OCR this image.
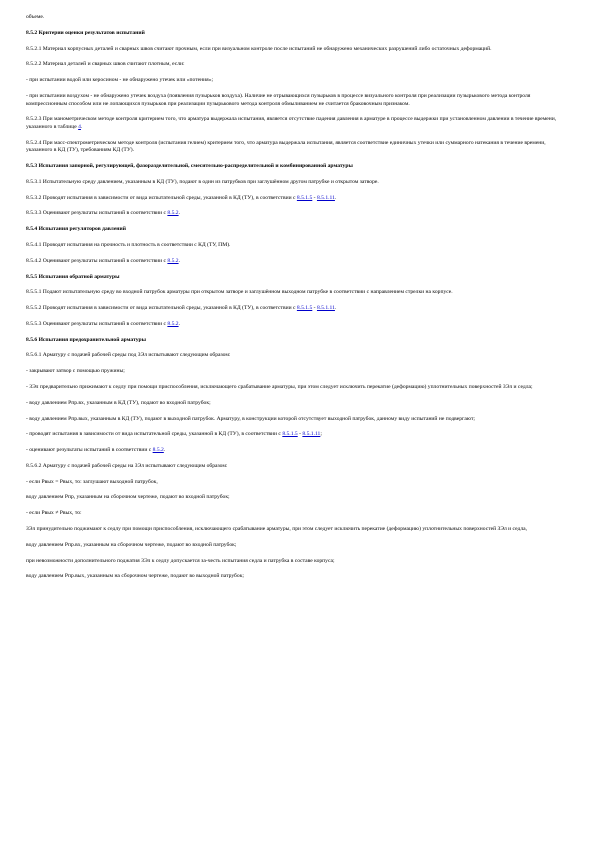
объеме.

8.5.2 Критерии оценки результатов испытаний

8.5.2.1 Материал корпусных деталей и сварных швов считают прочным, если при визуальном контроле после испытаний не обнаружено механических разрушений либо остаточных деформаций.

8.5.2.2 Материал деталей и сварных швов считают плотным, если:

- при испытании водой или керосином - не обнаружено утечек или «потения»;

- при испытании воздухом - не обнаружено утечек воздуха (появления пузырьков воздуха). Наличие не отрывающихся пузырьков в процессе визуального контроля при реализации пузырькового метода контроля компрессионным способом или не лопающихся пузырьков при реализации пузырькового метода контроля обмыливанием не считается браковочным признаком.

8.5.2.3 При манометрическом методе контроля критерием того, что арматура выдержала испытания, является отсутствие падения давления в арматуре в процессе выдержки при установленном давлении в течение времени, указанного в таблице 4.

8.5.2.4 При масс-спектрометрическом методе контроля (испытания гелием) критерием того, что арматура выдержала испытания, является соответствие единичных утечки или суммарного натекания в течение времени, указанного в КД (ТУ), требованиям КД (ТУ).

8.5.3 Испытания запорной, регулирующей, фазоразделительной, смесительно-распределительной и комбинированной арматуры

8.5.3.1 Испытательную среду давлением, указанным в КД (ТУ), подают в один из патрубков при заглушённом другом патрубке и открытом затворе.

8.5.3.2 Проводят испытания в зависимости от вида испытательной среды, указанной в КД (ТУ), в соответствии с 8.5.1.5 - 8.5.1.11.

8.5.3.3 Оценивают результаты испытаний в соответствии с 8.5.2.

8.5.4 Испытания регуляторов давлений

8.5.4.1 Проводят испытания на прочность и плотность в соответствии с КД (ТУ, ПМ).

8.5.4.2 Оценивают результаты испытаний в соответствии с 8.5.2.

8.5.5 Испытания обратной арматуры

8.5.5.1 Подают испытательную среду во входной патрубок арматуры при открытом затворе и заглушённом выходном патрубке в соответствии с направлением стрелки на корпусе.

8.5.5.2 Проводят испытания в зависимости от вида испытательной среды, указанной в КД (ТУ), в соответствии с 8.5.1.5 - 8.5.1.11.

8.5.5.3 Оценивают результаты испытаний в соответствии с 8.5.2.

8.5.6 Испытания предохранительной арматуры

8.5.6.1 Арматуру с подачей рабочей среды под ЗЭл испытывают следующим образом:

- закрывают затвор с помощью пружины;

- ЗЭл предварительно прижимают к седлу при помощи приспособления, исключающего срабатывание арматуры, при этом следует исключить перекатие (деформацию) уплотнительных поверхностей ЗЭл и седла;

- воду давлением Рпр.вх, указанным в КД (ТУ), подают во входной патрубок;

- воду давлением Рпр.вых, указанным в КД (ТУ), подают в выходной патрубок. Арматуру, в конструкции которой отсутствует выходной патрубок, данному виду испытаний не подвергают;

- проводят испытания в зависимости от вида испытательной среды, указанной в КД (ТУ), в соответствии с 8.5.1.5 - 8.5.1.11;

- оценивают результаты испытаний в соответствии с 8.5.2.

8.5.6.2 Арматуру с подачей рабочей среды на ЗЭл испытывают следующим образом:

- если Рвых = Рвых, то: заглушают выходной патрубок,

воду давлением Рпр, указанным на сборочном чертеже, подают во входной патрубок;

- если Рвых ≠ Рвых, то:

ЗЭл принудительно поджимают к седлу при помощи приспособления, исключающего срабатывание арматуры, при этом следует исключить перекатие (деформацию) уплотнительных поверхностей ЗЭл и седла,

воду давлением Рпр.вх, указанным на сборочном чертеже, подают во входной патрубок;

при невозможности дополнительного поджатия ЗЭл к седлу допускается за-честь испытания седла и патрубка в составе корпуса;

воду давлением Рпр.вых, указанным на сборочном чертеже, подают во выходной патрубок;
